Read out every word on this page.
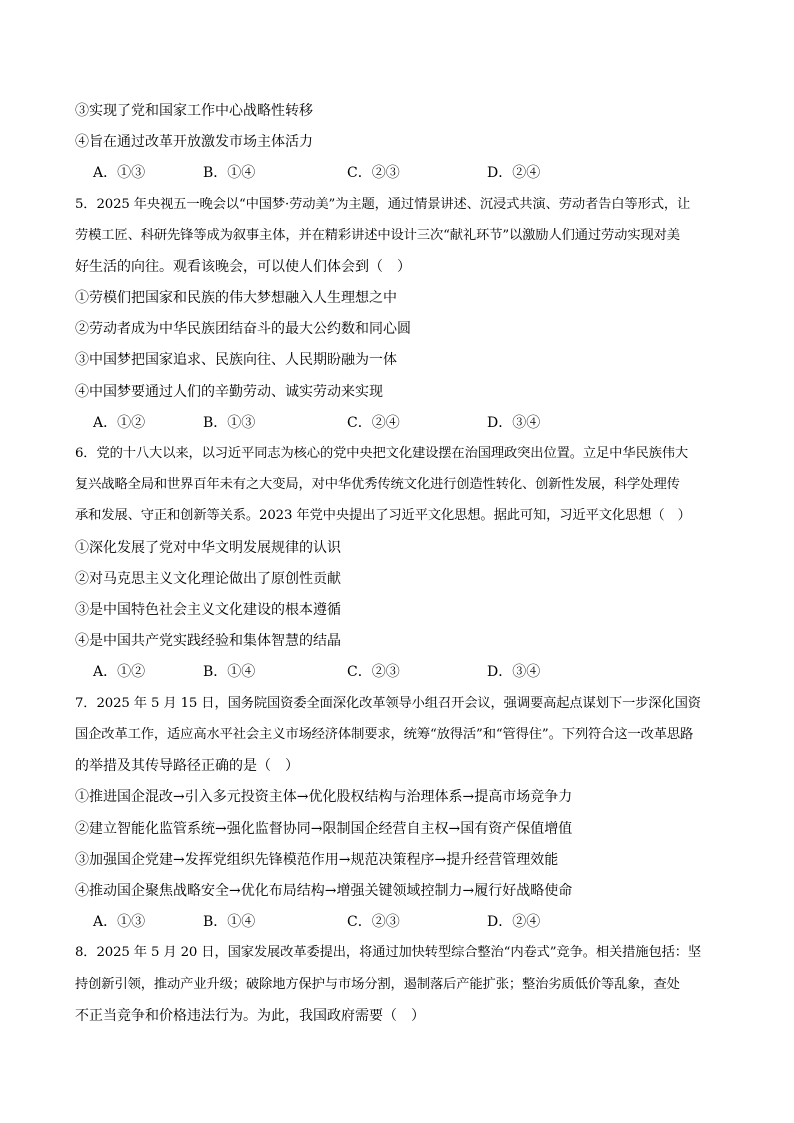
③实现了党和国家工作中心战略性转移
④旨在通过改革开放激发市场主体活力
A．①③	B．①④	C．②③	D．②④
5．2025 年央视五一晚会以“中国梦·劳动美”为主题，通过情景讲述、沉浸式共演、劳动者告白等形式，让
劳模工匠、科研先锋等成为叙事主体，并在精彩讲述中设计三次“献礼环节”以激励人们通过劳动实现对美
好生活的向往。观看该晚会，可以使人们体会到（　）
①劳模们把国家和民族的伟大梦想融入人生理想之中
②劳动者成为中华民族团结奋斗的最大公约数和同心圆
③中国梦把国家追求、民族向往、人民期盼融为一体
④中国梦要通过人们的辛勤劳动、诚实劳动来实现
A．①②	B．①③	C．②④	D．③④
6．党的十八大以来，以习近平同志为核心的党中央把文化建设摆在治国理政突出位置。立足中华民族伟大
复兴战略全局和世界百年未有之大变局，对中华优秀传统文化进行创造性转化、创新性发展，科学处理传
承和发展、守正和创新等关系。2023 年党中央提出了习近平文化思想。据此可知，习近平文化思想（　）
①深化发展了党对中华文明发展规律的认识
②对马克思主义文化理论做出了原创性贡献
③是中国特色社会主义文化建设的根本遵循
④是中国共产党实践经验和集体智慧的结晶
A．①②	B．①④	C．②③	D．③④
7．2025 年 5 月 15 日，国务院国资委全面深化改革领导小组召开会议，强调要高起点谋划下一步深化国资
国企改革工作，适应高水平社会主义市场经济体制要求，统筹“放得活”和“管得住”。下列符合这一改革思路
的举措及其传导路径正确的是（　）
①推进国企混改→引入多元投资主体→优化股权结构与治理体系→提高市场竞争力
②建立智能化监管系统→强化监督协同→限制国企经营自主权→国有资产保值增值
③加强国企党建→发挥党组织先锋模范作用→规范决策程序→提升经营管理效能
④推动国企聚焦战略安全→优化布局结构→增强关键领域控制力→履行好战略使命
A．①③	B．①④	C．②③	D．②④
8．2025 年 5 月 20 日，国家发展改革委提出，将通过加快转型综合整治“内卷式”竞争。相关措施包括：坚
持创新引领，推动产业升级；破除地方保护与市场分割，遏制落后产能扩张；整治劣质低价等乱象，查处
不正当竞争和价格违法行为。为此，我国政府需要（　）
